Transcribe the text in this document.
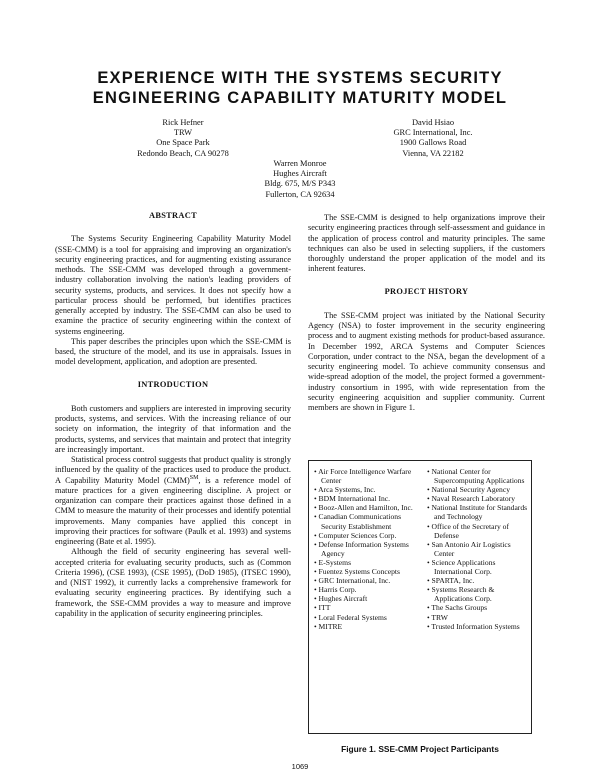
EXPERIENCE WITH THE SYSTEMS SECURITY
ENGINEERING CAPABILITY MATURITY MODEL
Rick Hefner
TRW
One Space Park
Redondo Beach, CA 90278
David Hsiao
GRC International, Inc.
1900 Gallows Road
Vienna, VA 22182
Warren Monroe
Hughes Aircraft
Bldg. 675, M/S P343
Fullerton, CA 92634
ABSTRACT

The Systems Security Engineering Capability Maturity Model (SSE-CMM) is a tool for appraising and improving an organization's security engineering practices, and for augmenting existing assurance methods. The SSE-CMM was developed through a government-industry collaboration involving the nation's leading providers of security systems, products, and services. It does not specify how a particular process should be performed, but identifies practices generally accepted by industry. The SSE-CMM can also be used to examine the practice of security engineering within the context of systems engineering.

This paper describes the principles upon which the SSE-CMM is based, the structure of the model, and its use in appraisals. Issues in model development, application, and adoption are presented.

INTRODUCTION

Both customers and suppliers are interested in improving security products, systems, and services. With the increasing reliance of our society on information, the integrity of that information and the products, systems, and services that maintain and protect that integrity are increasingly important.

Statistical process control suggests that product quality is strongly influenced by the quality of the practices used to produce the product. A Capability Maturity Model (CMM)℠, is a reference model of mature practices for a given engineering discipline. A project or organization can compare their practices against those defined in a CMM to measure the maturity of their processes and identify potential improvements. Many companies have applied this concept in improving their practices for software (Paulk et al. 1993) and systems engineering (Bate et al. 1995).

Although the field of security engineering has several well-accepted criteria for evaluating security products, such as (Common Criteria 1996), (CSE 1993), (CSE 1995), (DoD 1985), (ITSEC 1990), and (NIST 1992), it currently lacks a comprehensive framework for evaluating security engineering practices. By identifying such a framework, the SSE-CMM provides a way to measure and improve capability in the application of security engineering principles.

The SSE-CMM is designed to help organizations improve their security engineering practices through self-assessment and guidance in the application of process control and maturity principles. The same techniques can also be used in selecting suppliers, if the customers thoroughly understand the proper application of the model and its inherent features.

PROJECT HISTORY

The SSE-CMM project was initiated by the National Security Agency (NSA) to foster improvement in the security engineering process and to augment existing methods for product-based assurance. In December 1992, ARCA Systems and Computer Sciences Corporation, under contract to the NSA, began the development of a security engineering model. To achieve community consensus and wide-spread adoption of the model, the project formed a government-industry consortium in 1995, with wide representation from the security engineering acquisition and supplier community. Current members are shown in Figure 1.

• Air Force Intelligence Warfare Center
• Arca Systems, Inc.
• BDM International Inc.
• Booz-Allen and Hamilton, Inc.
• Canadian Communications Security Establishment
• Computer Sciences Corp.
• Defense Information Systems Agency
• E-Systems
• Fuentez Systems Concepts
• GRC International, Inc.
• Harris Corp.
• Hughes Aircraft
• ITT
• Loral Federal Systems
• MITRE
• National Center for Supercomputing Applications
• National Security Agency
• Naval Research Laboratory
• National Institute for Standards and Technology
• Office of the Secretary of Defense
• San Antonio Air Logistics Center
• Science Applications International Corp.
• SPARTA, Inc.
• Systems Research & Applications Corp.
• The Sachs Groups
• TRW
• Trusted Information Systems
Figure 1. SSE-CMM Project Participants
1069
